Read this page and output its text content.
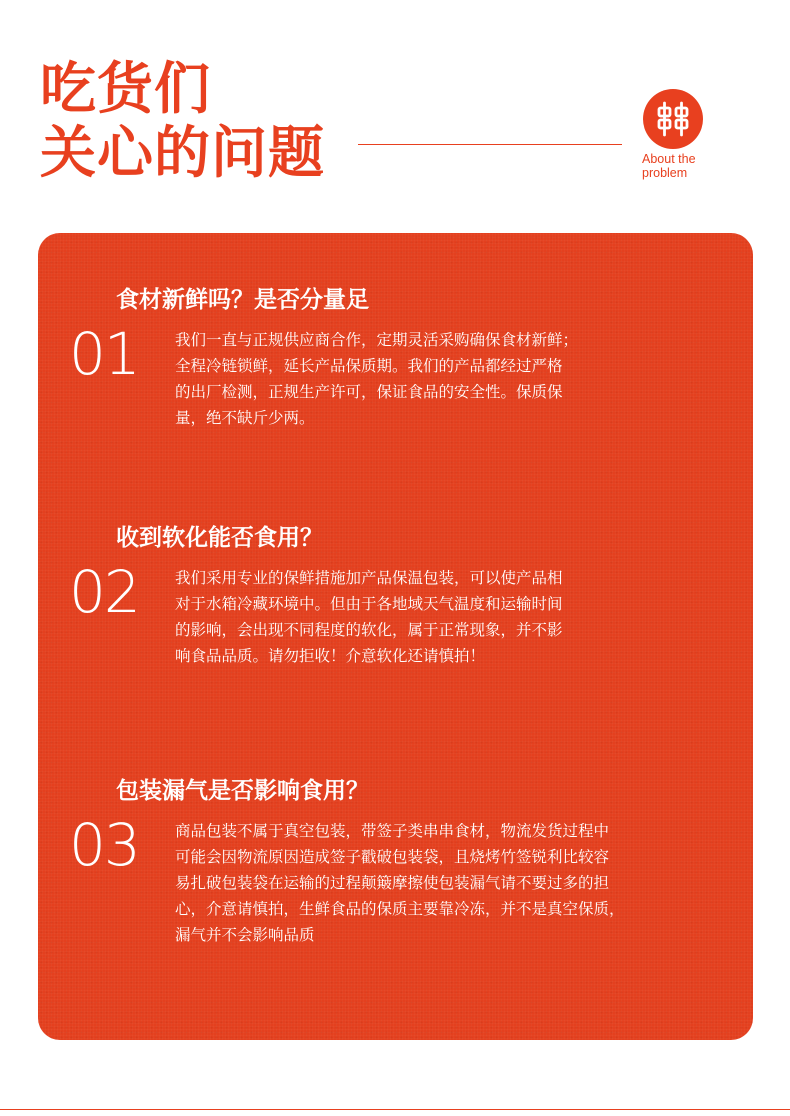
吃货们
关心的问题	About the
problem
食材新鲜吗？是否分量足
01 我们一直与正规供应商合作，定期灵活采购确保食材新鲜；
全程冷链锁鲜，延长产品保质期。我们的产品都经过严格
的出厂检测，正规生产许可，保证食品的安全性。保质保
量，绝不缺斤少两。

收到软化能否食用？
02 我们采用专业的保鲜措施加产品保温包装，可以使产品相
对于水箱冷藏环境中。但由于各地域天气温度和运输时间
的影响，会出现不同程度的软化，属于正常现象，并不影
响食品品质。请勿拒收！介意软化还请慎拍！

包装漏气是否影响食用？
03 商品包装不属于真空包装，带签子类串串食材，物流发货过程中
可能会因物流原因造成签子戳破包装袋，且烧烤竹签锐利比较容
易扎破包装袋在运输的过程颠簸摩擦使包装漏气请不要过多的担
心，介意请慎拍，生鲜食品的保质主要靠冷冻，并不是真空保质，
漏气并不会影响品质
